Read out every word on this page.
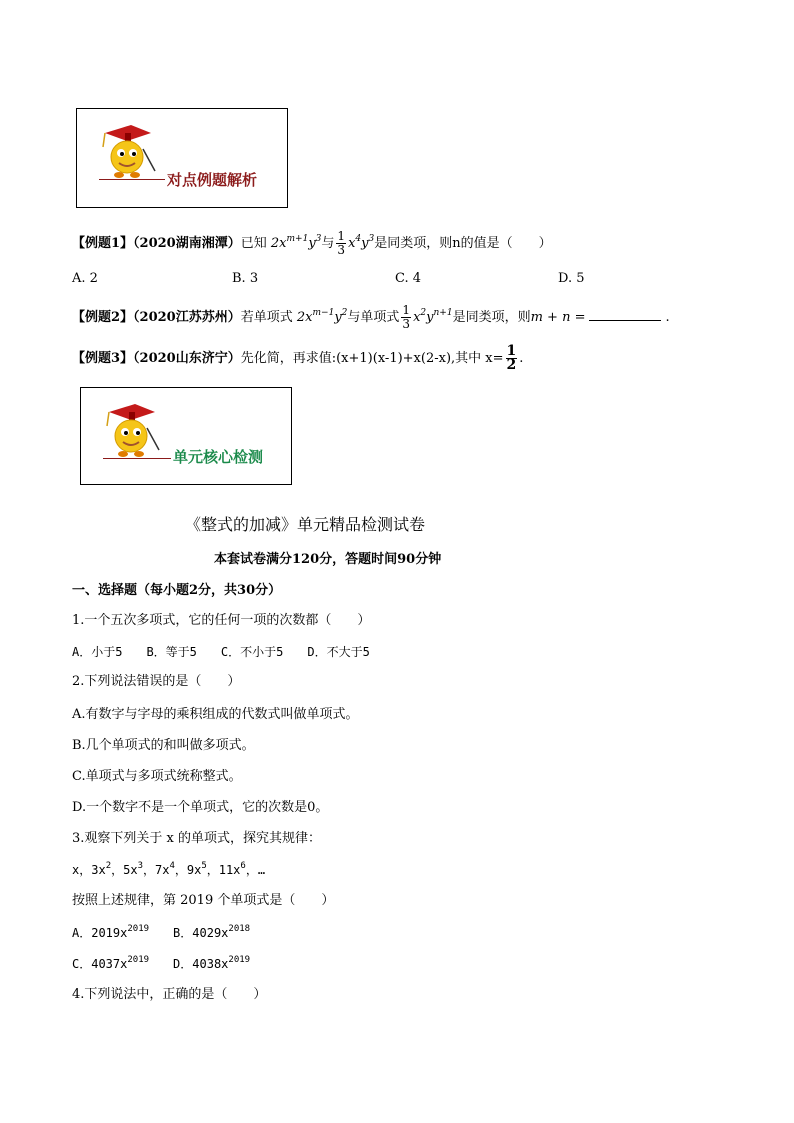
对点例题解析
【例题1】（2020湖南湘潭）已知 $2x^{m+1}y^3$与 $\frac{1}{3} x^4y^3$是同类项，则n的值是（　　）
A. 2	B. 3	C. 4	D. 5
【例题2】（2020江苏苏州）若单项式 $2x^{m-1}y^2$与单项式 $\frac{1}{3} x^2y^{n+1}$是同类项，则m + n =	.
【例题3】（2020山东济宁）先化简，再求值:(x+1)(x-1)+x(2-x),其中 $x= \frac{1}{2}$ .
单元核心检测
《整式的加减》单元精品检测试卷
本套试卷满分120分，答题时间90分钟
一、选择题（每小题2分，共30分）
1.一个五次多项式，它的任何一项的次数都（　　）
A．小于5　　B．等于5　　C．不小于5　　D．不大于5
2.下列说法错误的是（　　）
A.有数字与字母的乘积组成的代数式叫做单项式。
B.几个单项式的和叫做多项式。
C.单项式与多项式统称整式。
D.一个数字不是一个单项式，它的次数是0。
3.观察下列关于 x 的单项式，探究其规律：
x，$3x^2$，$5x^3$，$7x^4$，$9x^5$，$11x^6$，…
按照上述规律，第 2019 个单项式是（　　）
A．$2019x^{2019}$　　B．$4029x^{2018}$
C．$4037x^{2019}$　　D．$4038x^{2019}$
4.下列说法中，正确的是（　　）
